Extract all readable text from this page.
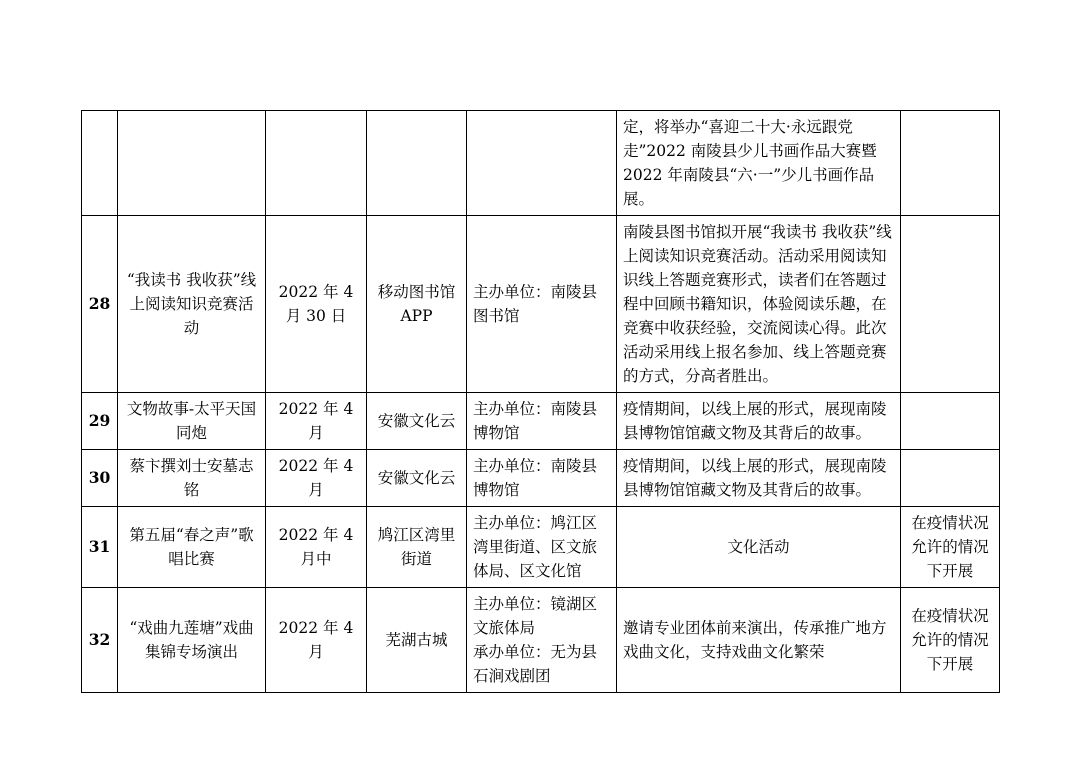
					定，将举办“喜迎二十大·永远跟党走”2022 南陵县少儿书画作品大赛暨 2022 年南陵县“六·一”少儿书画作品展。	
28	“我读书 我收获”线上阅读知识竞赛活动	2022 年 4 月 30 日	移动图书馆 APP	主办单位：南陵县图书馆	南陵县图书馆拟开展“我读书 我收获”线上阅读知识竞赛活动。活动采用阅读知识线上答题竞赛形式，读者们在答题过程中回顾书籍知识，体验阅读乐趣，在竞赛中收获经验，交流阅读心得。此次活动采用线上报名参加、线上答题竞赛的方式，分高者胜出。	
29	文物故事-太平天国同炮	2022 年 4 月	安徽文化云	主办单位：南陵县博物馆	疫情期间，以线上展的形式，展现南陵县博物馆馆藏文物及其背后的故事。	
30	蔡卞撰刘士安墓志铭	2022 年 4 月	安徽文化云	主办单位：南陵县博物馆	疫情期间，以线上展的形式，展现南陵县博物馆馆藏文物及其背后的故事。	
31	第五届“春之声”歌唱比赛	2022 年 4 月中	鸠江区湾里街道	主办单位：鸠江区湾里街道、区文旅体局、区文化馆	文化活动	在疫情状况允许的情况下开展
32	“戏曲九莲塘”戏曲集锦专场演出	2022 年 4 月	芜湖古城	主办单位：镜湖区文旅体局
承办单位：无为县石涧戏剧团	邀请专业团体前来演出，传承推广地方戏曲文化，支持戏曲文化繁荣	在疫情状况允许的情况下开展
